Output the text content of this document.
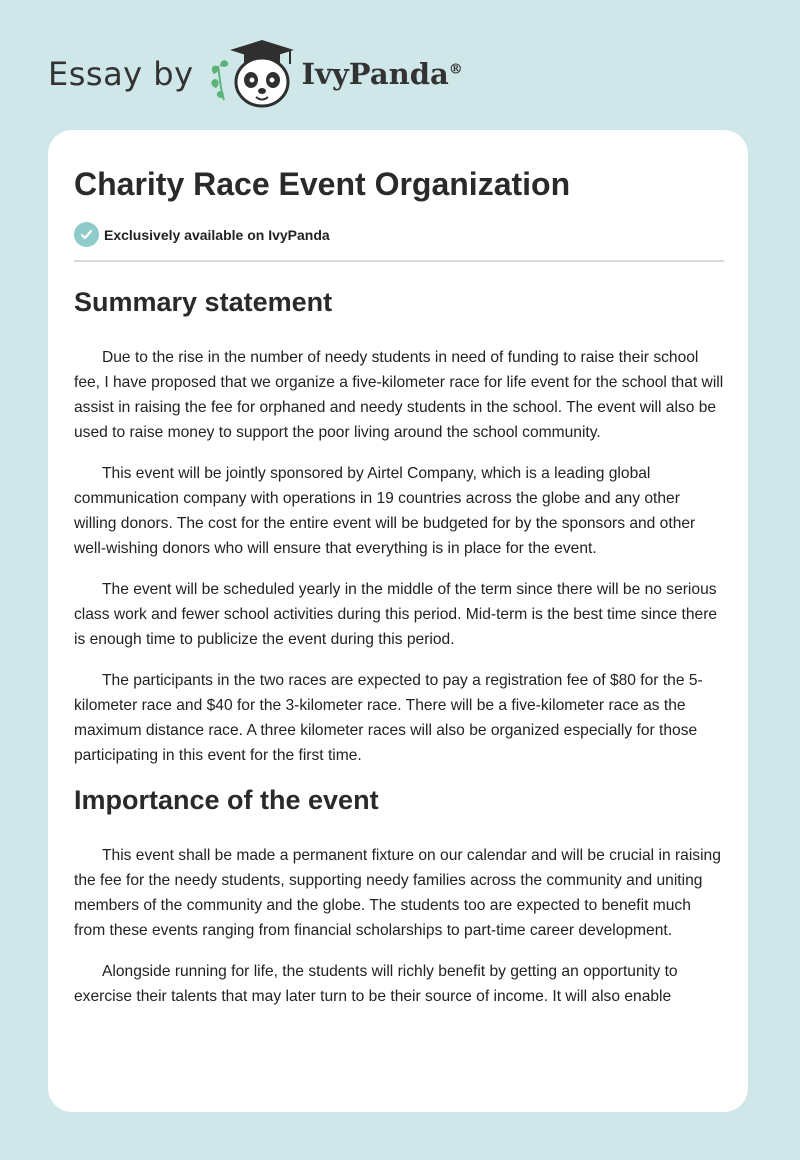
Essay by	IvyPanda®
Charity Race Event Organization
Exclusively available on IvyPanda
Summary statement

Due to the rise in the number of needy students in need of funding to raise their school fee, I have proposed that we organize a five-kilometer race for life event for the school that will assist in raising the fee for orphaned and needy students in the school. The event will also be used to raise money to support the poor living around the school community.

This event will be jointly sponsored by Airtel Company, which is a leading global communication company with operations in 19 countries across the globe and any other willing donors. The cost for the entire event will be budgeted for by the sponsors and other well-wishing donors who will ensure that everything is in place for the event.

The event will be scheduled yearly in the middle of the term since there will be no serious class work and fewer school activities during this period. Mid-term is the best time since there is enough time to publicize the event during this period.

The participants in the two races are expected to pay a registration fee of $80 for the 5-kilometer race and $40 for the 3-kilometer race. There will be a five-kilometer race as the maximum distance race. A three kilometer races will also be organized especially for those participating in this event for the first time.

Importance of the event

This event shall be made a permanent fixture on our calendar and will be crucial in raising the fee for the needy students, supporting needy families across the community and uniting members of the community and the globe. The students too are expected to benefit much from these events ranging from financial scholarships to part-time career development.

Alongside running for life, the students will richly benefit by getting an opportunity to exercise their talents that may later turn to be their source of income. It will also enable
